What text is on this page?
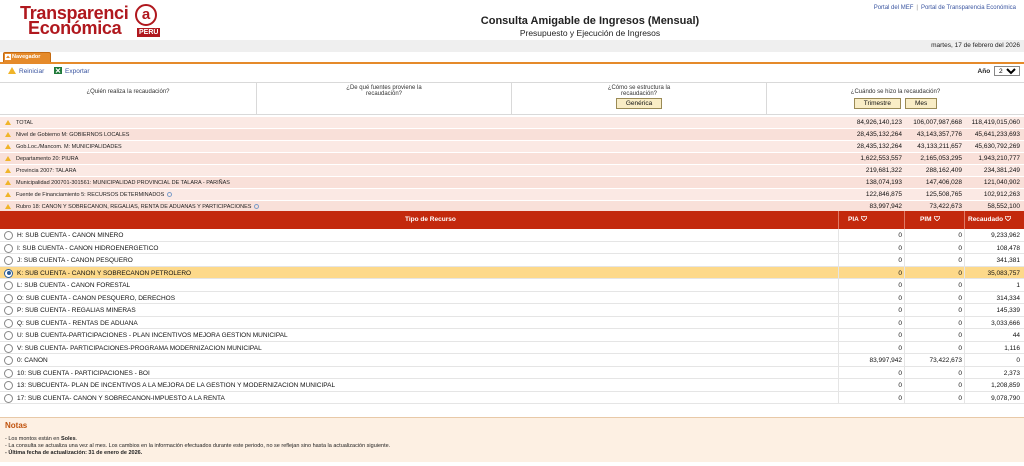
Transparenci a
Económica	PERÚ
Consulta Amigable de Ingresos (Mensual)
Presupuesto y Ejecución de Ingresos
Portal del MEF | Portal de Transparencia Económica
martes, 17 de febrero del 2026
Navegador
Reiniciar	Exportar	Año
2025
¿Quién realiza la recaudación?
¿De qué fuentes proviene la recaudación?
¿Cómo se estructura la recaudación?
Genérica
¿Cuándo se hizo la recaudación?
Trimestre	Mes
TOTAL	84,926,140,123	106,007,987,668	118,419,015,060
Nivel de Gobierno M: GOBIERNOS LOCALES	28,435,132,264	43,143,357,776	45,641,233,693
Gob.Loc./Mancom. M: MUNICIPALIDADES	28,435,132,264	43,133,211,657	45,630,792,269
Departamento 20: PIURA	1,622,553,557	2,165,053,295	1,943,210,777
Provincia 2007: TALARA	219,681,322	288,162,409	234,381,249
Municipalidad 200701-301561: MUNICIPALIDAD PROVINCIAL DE TALARA - PARIÑAS	138,074,193	147,406,028	121,040,902
Fuente de Financiamiento 5: RECURSOS DETERMINADOS	122,846,875	125,508,765	102,912,263
Rubro 18: CANON Y SOBRECANON, REGALIAS, RENTA DE ADUANAS Y PARTICIPACIONES	83,997,942	73,422,673	58,552,100
Tipo de Recurso	PIA	PIM	Recaudado
H: SUB CUENTA - CANON MINERO	0	0	9,233,962
I: SUB CUENTA - CANON HIDROENERGETICO	0	0	108,478
J: SUB CUENTA - CANON PESQUERO	0	0	341,381
K: SUB CUENTA - CANON Y SOBRECANON PETROLERO	0	0	35,083,757
L: SUB CUENTA - CANON FORESTAL	0	0	1
O: SUB CUENTA - CANON PESQUERO, DERECHOS	0	0	314,334
P: SUB CUENTA - REGALIAS MINERAS	0	0	145,339
Q: SUB CUENTA - RENTAS DE ADUANA	0	0	3,033,666
U: SUB CUENTA-PARTICIPACIONES - PLAN INCENTIVOS MEJORA GESTION MUNICIPAL	0	0	44
V: SUB CUENTA- PARTICIPACIONES-PROGRAMA MODERNIZACION MUNICIPAL	0	0	1,116
0: CANON	83,997,942	73,422,673	0
10: SUB CUENTA - PARTICIPACIONES - BOI	0	0	2,373
13: SUBCUENTA- PLAN DE INCENTIVOS A LA MEJORA DE LA GESTION Y MODERNIZACION MUNICIPAL	0	0	1,208,859
17: SUB CUENTA- CANON Y SOBRECANON-IMPUESTO A LA RENTA	0	0	9,078,790
Notas
- Los montos están en Soles.
- La consulta se actualiza una vez al mes. Los cambios en la información efectuados durante este periodo, no se reflejan sino hasta la actualización siguiente.
- Última fecha de actualización: 31 de enero de 2026.
